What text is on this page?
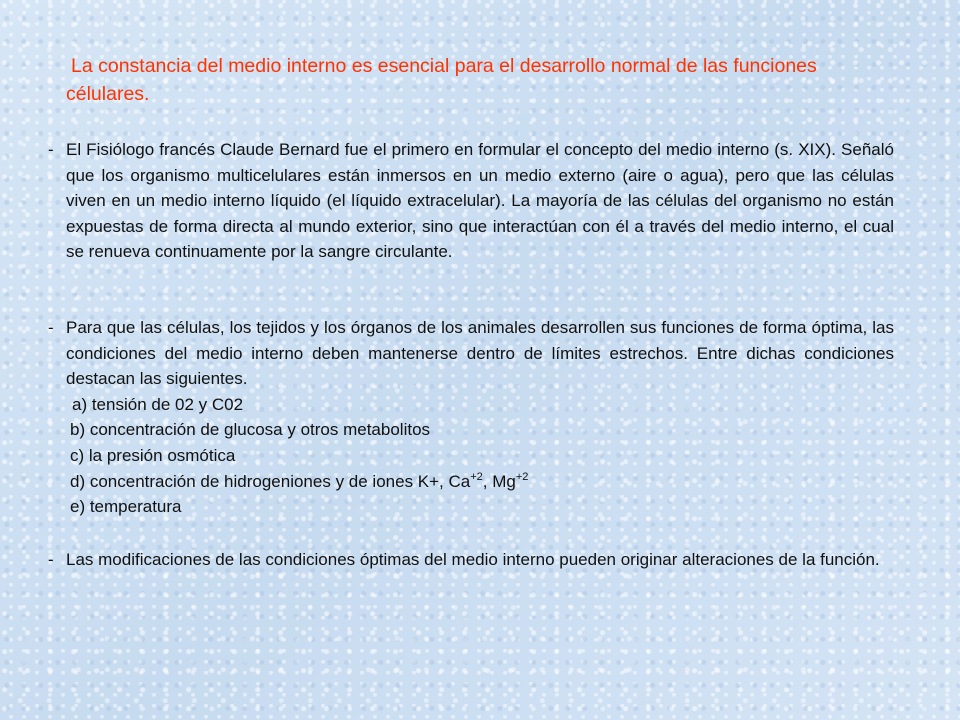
La constancia del medio interno es esencial para el desarrollo normal de las funciones célulares.

- El Fisiólogo francés Claude Bernard fue el primero en formular el concepto del medio interno (s. XIX). Señaló que los organismo multicelulares están inmersos en un medio externo (aire o agua), pero que las células viven en un medio interno líquido (el líquido extracelular). La mayoría de las células del organismo no están expuestas de forma directa al mundo exterior, sino que interactúan con él a través del medio interno, el cual se renueva continuamente por la sangre circulante.
- Para que las células, los tejidos y los órganos de los animales desarrollen sus funciones de forma óptima, las condiciones del medio interno deben mantenerse dentro de límites estrechos. Entre dichas condiciones destacan las siguientes.
a) tensión de 02 y C02
b) concentración de glucosa y otros metabolitos
c) la presión osmótica
d) concentración de hidrogeniones y de iones K+, $Ca^{+2}$, $Mg^{+2}$
e) temperatura
- Las modificaciones de las condiciones óptimas del medio interno pueden originar alteraciones de la función.
